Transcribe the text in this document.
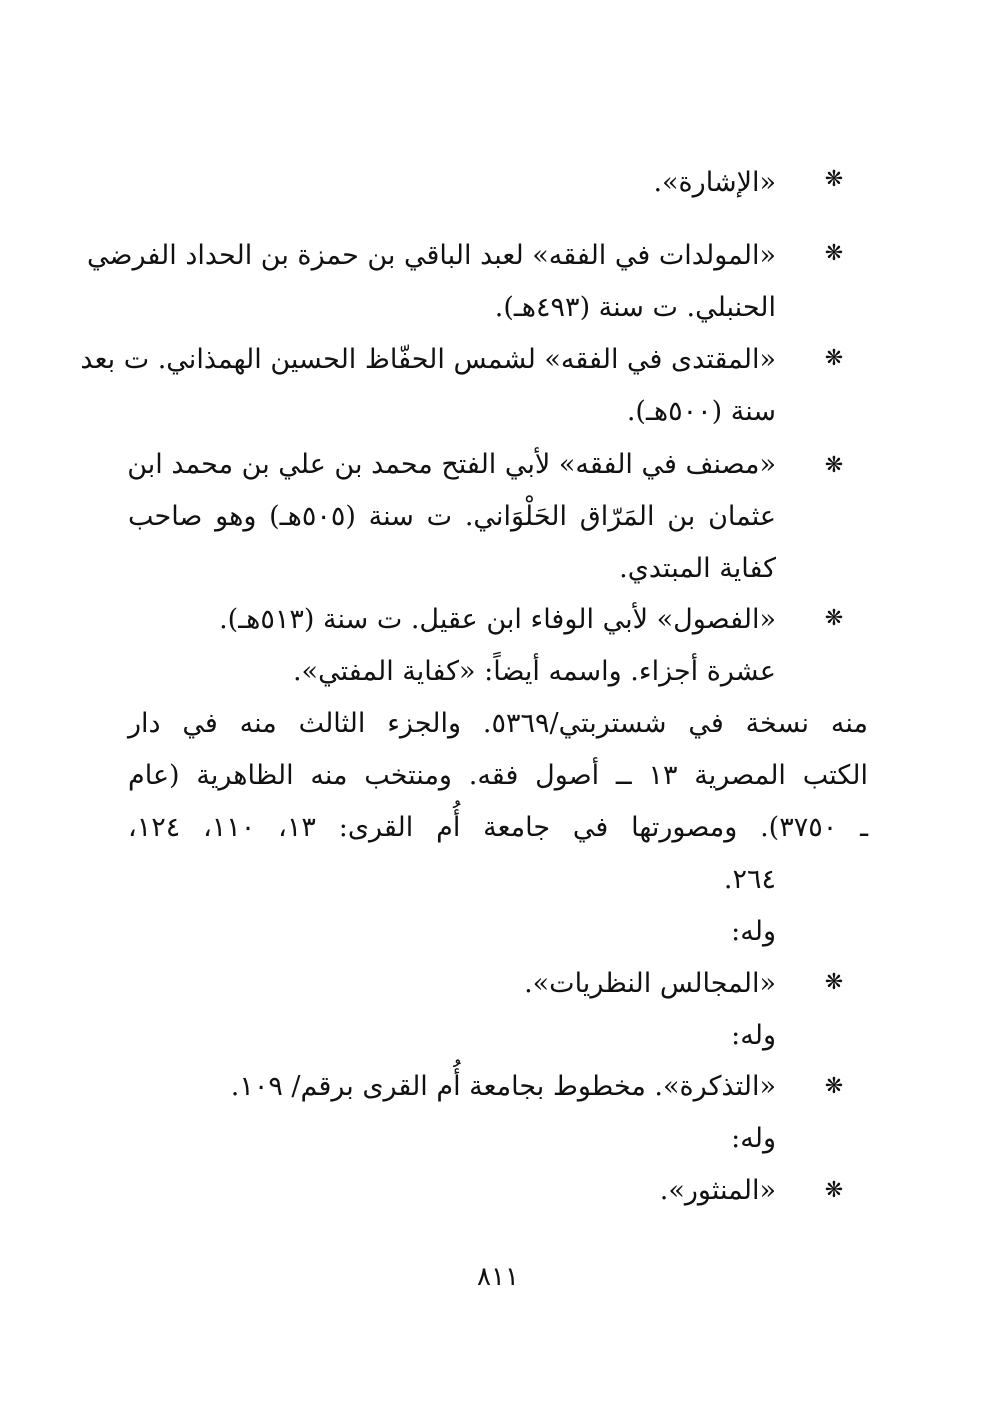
❋
«الإشارة».
❋
«المولدات في الفقه» لعبد الباقي بن حمزة بن الحداد الفرضي
الحنبلي. ت سنة (٤٩٣هـ).
❋
«المقتدى في الفقه» لشمس الحفّاظ الحسين الهمذاني. ت بعد
سنة (٥٠٠هـ).
❋
«مصنف في الفقه» لأبي الفتح محمد بن علي بن محمد ابن
عثمان بن المَرّاق الحَلْوَاني. ت سنة (٥٠٥هـ) وهو صاحب
كفاية المبتدي.
❋
«الفصول» لأبي الوفاء ابن عقيل. ت سنة (٥١٣هـ).
عشرة أجزاء. واسمه أيضاً: «كفاية المفتي».
منه نسخة في شستربتي/٥٣٦٩. والجزء الثالث منه في دار
الكتب المصرية ١٣ ــ أصول فقه. ومنتخب منه الظاهرية (عام
ـ ٣٧٥٠). ومصورتها في جامعة أُم القرى: ١٣، ١١٠، ١٢٤،
٢٦٤.
وله:
❋
«المجالس النظريات».
وله:
❋
«التذكرة». مخطوط بجامعة أُم القرى برقم/ ١٠٩.
وله:
❋
«المنثور».
٨١١
